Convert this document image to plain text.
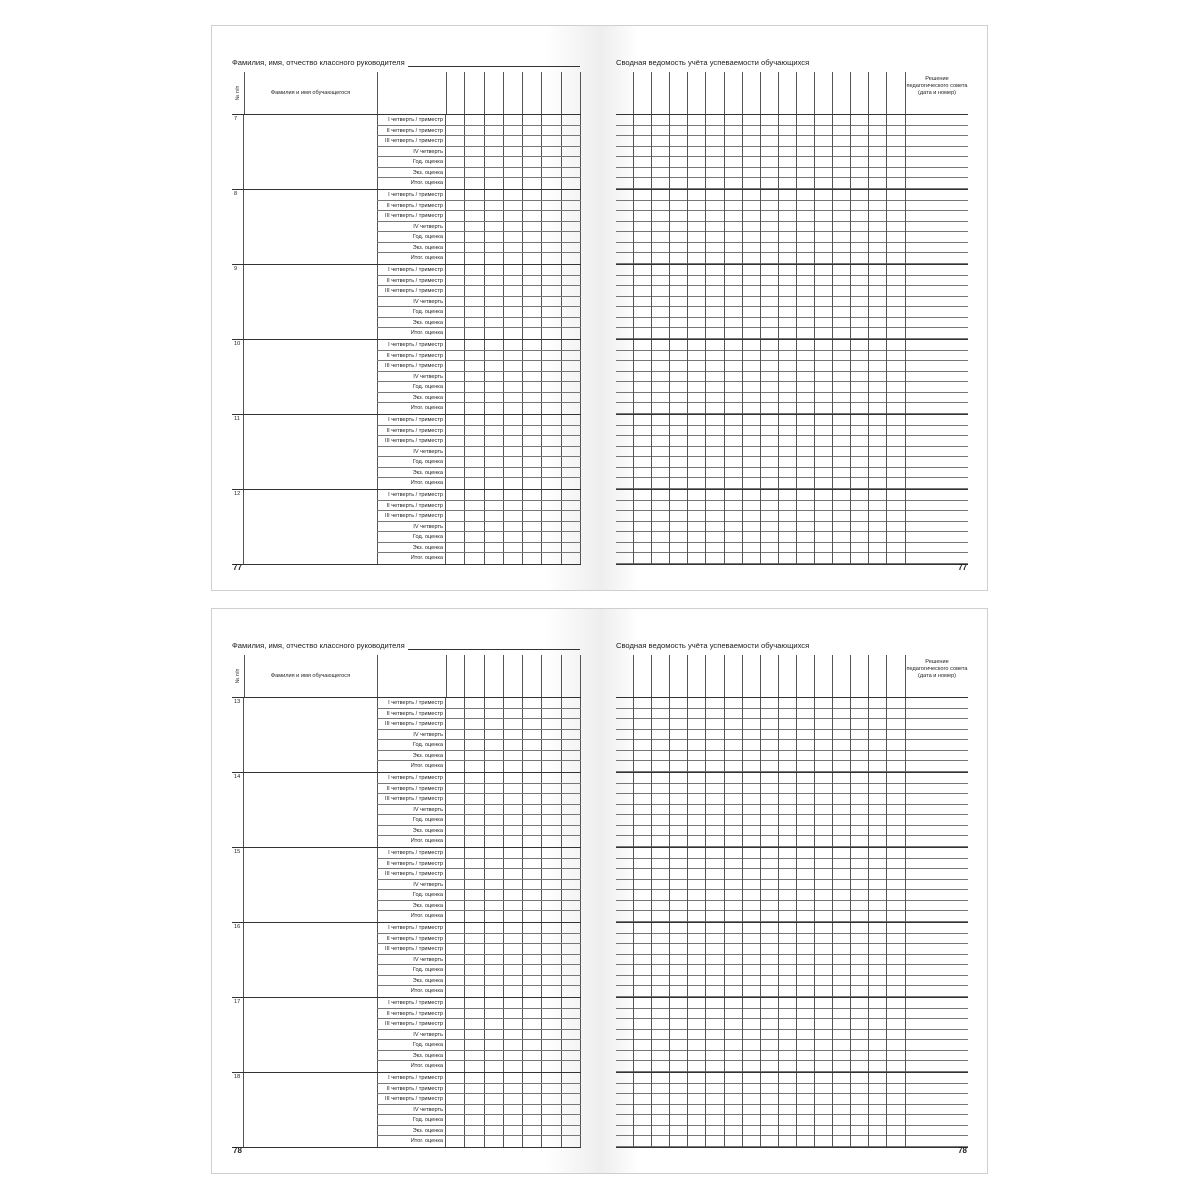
Фамилия, имя, отчество классного руководителя
№ п/п	Фамилия и имя обучающегося
7	I четверть / триместр
II четверть / триместр
III четверть / триместр
IV четверть
Год. оценка
Экз. оценка
Итог. оценка
8	I четверть / триместр
II четверть / триместр
III четверть / триместр
IV четверть
Год. оценка
Экз. оценка
Итог. оценка
9	I четверть / триместр
II четверть / триместр
III четверть / триместр
IV четверть
Год. оценка
Экз. оценка
Итог. оценка
10	I четверть / триместр
II четверть / триместр
III четверть / триместр
IV четверть
Год. оценка
Экз. оценка
Итог. оценка
11	I четверть / триместр
II четверть / триместр
III четверть / триместр
IV четверть
Год. оценка
Экз. оценка
Итог. оценка
12	I четверть / триместр
II четверть / триместр
III четверть / триместр
IV четверть
Год. оценка
Экз. оценка
Итог. оценка
77
Сводная ведомость учёта успеваемости обучающихся
Решение педагогического совета (дата и номер)
77
Фамилия, имя, отчество классного руководителя
№ п/п	Фамилия и имя обучающегося
13	I четверть / триместр
II четверть / триместр
III четверть / триместр
IV четверть
Год. оценка
Экз. оценка
Итог. оценка
14	I четверть / триместр
II четверть / триместр
III четверть / триместр
IV четверть
Год. оценка
Экз. оценка
Итог. оценка
15	I четверть / триместр
II четверть / триместр
III четверть / триместр
IV четверть
Год. оценка
Экз. оценка
Итог. оценка
16	I четверть / триместр
II четверть / триместр
III четверть / триместр
IV четверть
Год. оценка
Экз. оценка
Итог. оценка
17	I четверть / триместр
II четверть / триместр
III четверть / триместр
IV четверть
Год. оценка
Экз. оценка
Итог. оценка
18	I четверть / триместр
II четверть / триместр
III четверть / триместр
IV четверть
Год. оценка
Экз. оценка
Итог. оценка
78
Сводная ведомость учёта успеваемости обучающихся
Решение педагогического совета (дата и номер)
78
